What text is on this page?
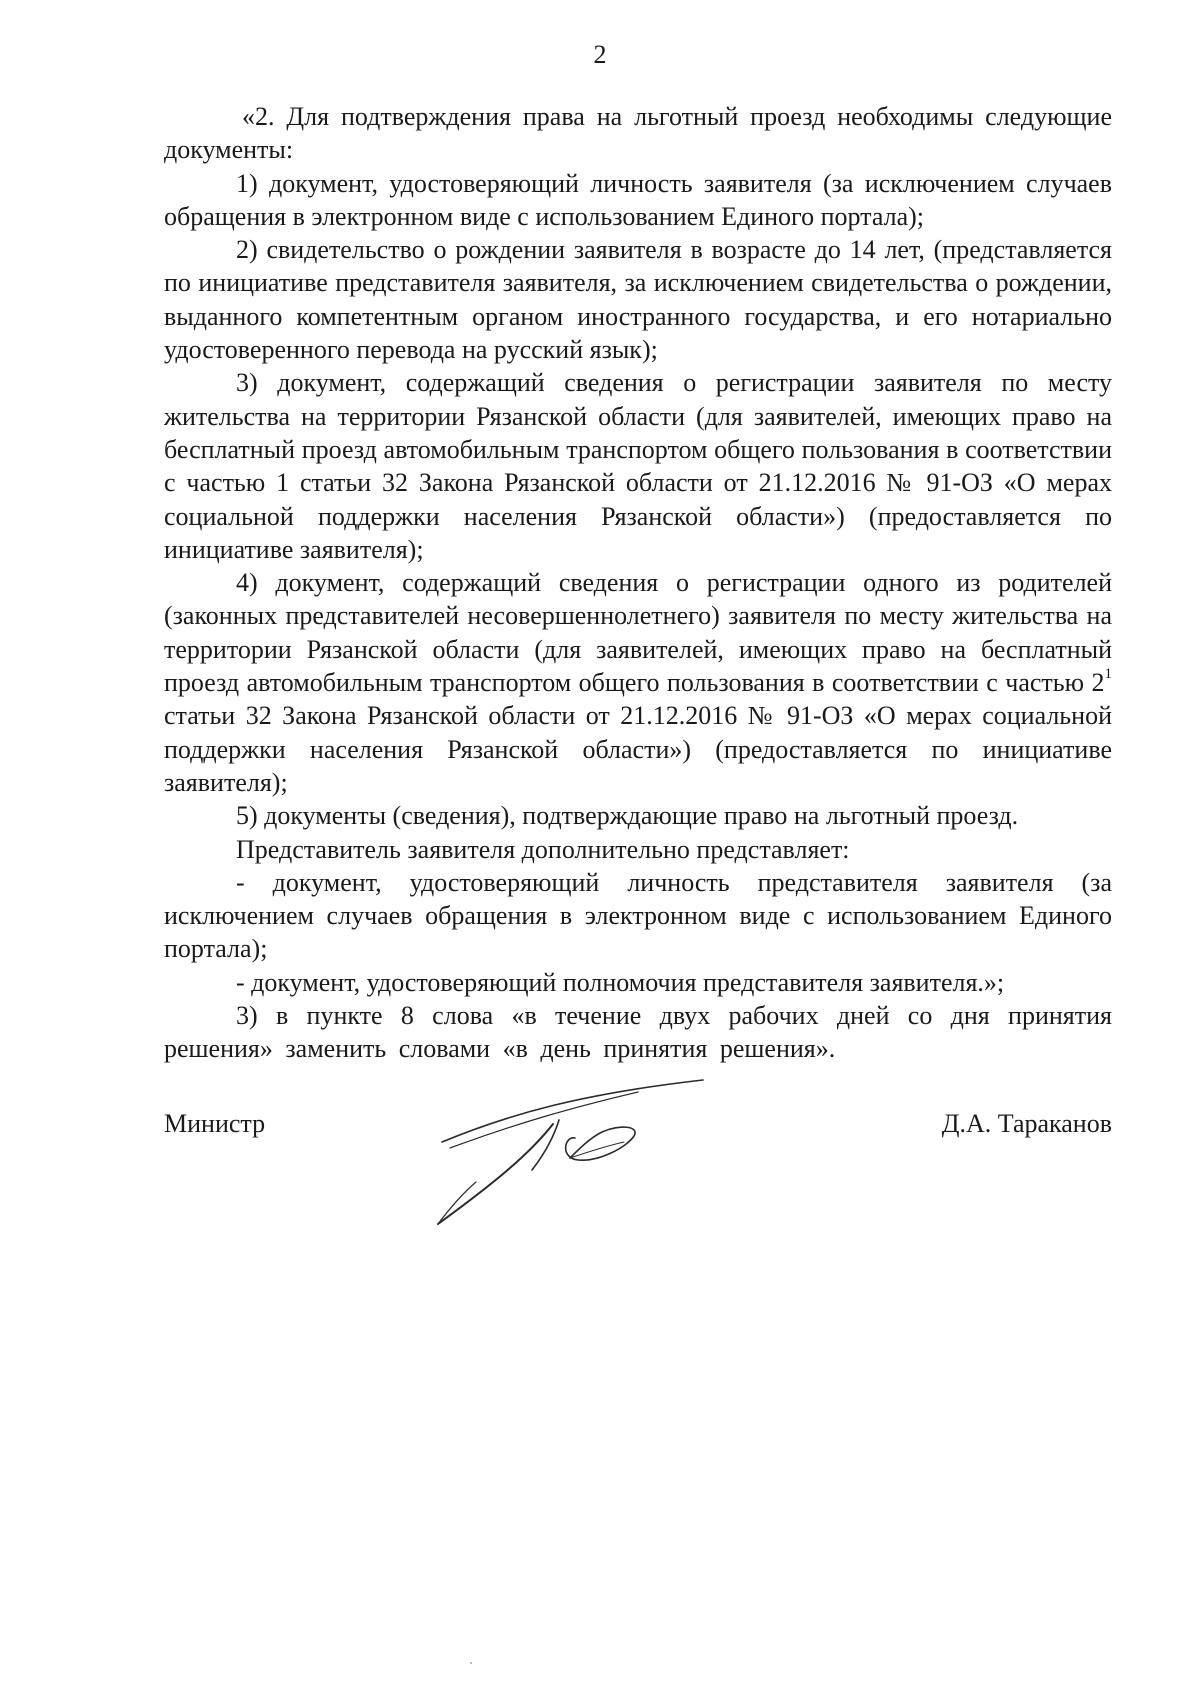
2

«2. Для подтверждения права на льготный проезд необходимы следующие документы:

1) документ, удостоверяющий личность заявителя (за исключением случаев обращения в электронном виде с использованием Единого портала);

2) свидетельство о рождении заявителя в возрасте до 14 лет, (представляется по инициативе представителя заявителя, за исключением свидетельства о рождении, выданного компетентным органом иностранного государства, и его нотариально удостоверенного перевода на русский язык);

3) документ, содержащий сведения о регистрации заявителя по месту жительства на территории Рязанской области (для заявителей, имеющих право на бесплатный проезд автомобильным транспортом общего пользования в соответствии с частью 1 статьи 32 Закона Рязанской области от 21.12.2016 № 91-ОЗ «О мерах социальной поддержки населения Рязанской области») (предоставляется по инициативе заявителя);

4) документ, содержащий сведения о регистрации одного из родителей (законных представителей несовершеннолетнего) заявителя по месту жительства на территории Рязанской области (для заявителей, имеющих право на бесплатный проезд автомобильным транспортом общего пользования в соответствии с частью $2^1$ статьи 32 Закона Рязанской области от 21.12.2016 № 91-ОЗ «О мерах социальной поддержки населения Рязанской области») (предоставляется по инициативе заявителя);

5) документы (сведения), подтверждающие право на льготный проезд.

Представитель заявителя дополнительно представляет:

- документ, удостоверяющий личность представителя заявителя (за исключением случаев обращения в электронном виде с использованием Единого портала);

- документ, удостоверяющий полномочия представителя заявителя.»;

3) в пункте 8 слова «в течение двух рабочих дней со дня принятия решения» заменить словами «в день принятия решения».

Министр	Д.А. Тараканов
